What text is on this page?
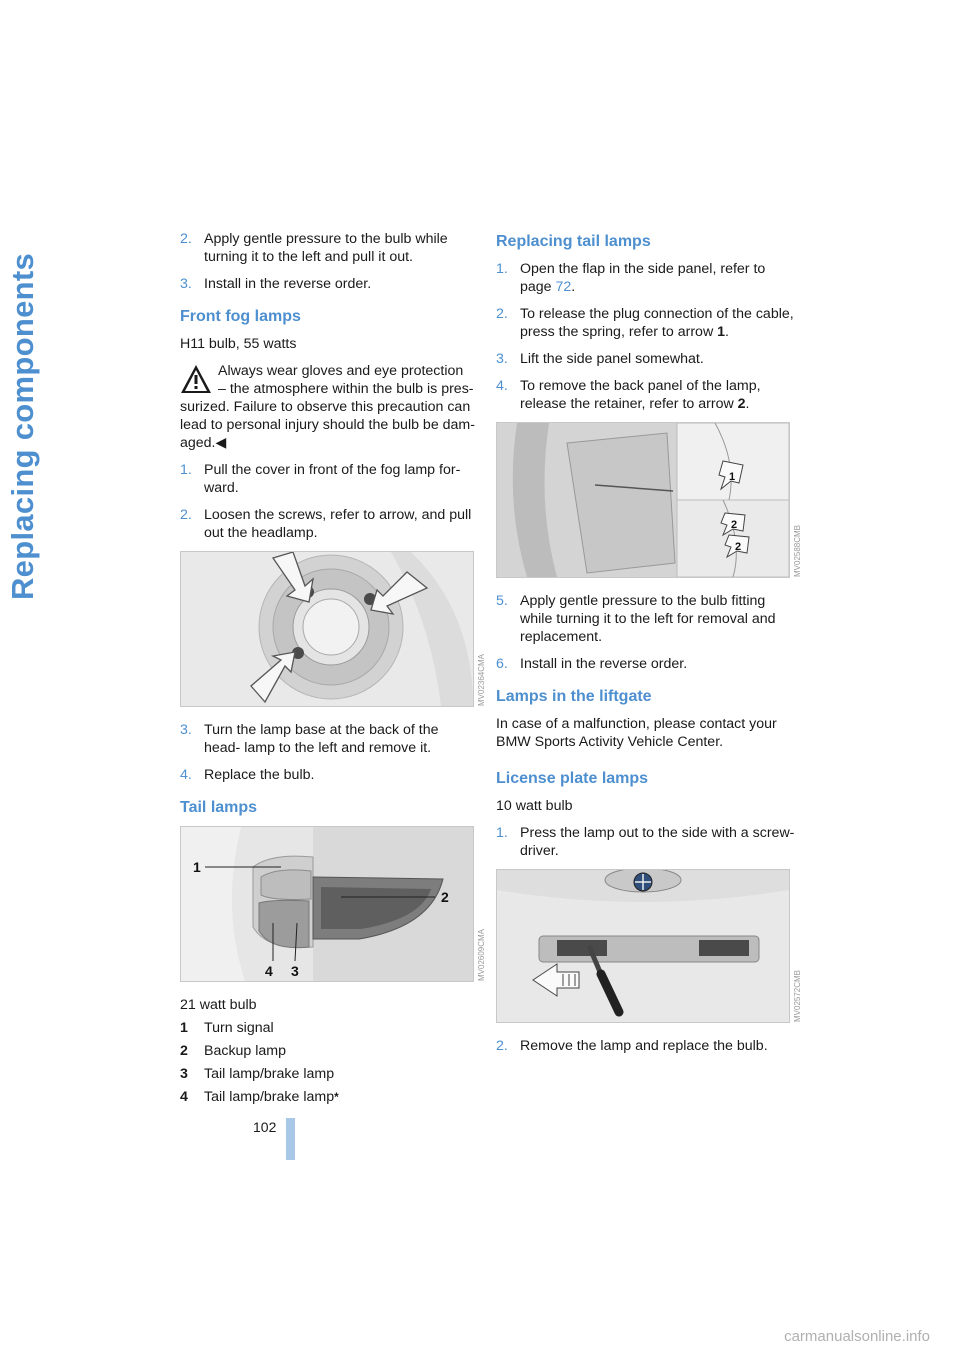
Replacing components
2. Apply gentle pressure to the bulb while turning it to the left and pull it out.
3. Install in the reverse order.
Front fog lamps

H11 bulb, 55 watts

Always wear gloves and eye protection – the atmosphere within the bulb is pres- surized. Failure to observe this precaution can lead to personal injury should the bulb be dam- aged.◀
1. Pull the cover in front of the fog lamp for- ward.
2. Loosen the screws, refer to arrow, and pull out the headlamp.
MV02364CMA
3. Turn the lamp base at the back of the head- lamp to the left and remove it.
4. Replace the bulb.
Tail lamps
1
2
4 3	MV02609CMA

21 watt bulb

1	Turn signal
2	Backup lamp
3	Tail lamp/brake lamp
4	Tail lamp/brake lamp *
Replacing tail lamps
1. Open the flap in the side panel, refer to page 72.
2. To release the plug connection of the cable, press the spring, refer to arrow 1.
3. Lift the side panel somewhat.
4. To remove the back panel of the lamp, release the retainer, refer to arrow 2.
1
2
2	MV02588CMB
5. Apply gentle pressure to the bulb fitting while turning it to the left for removal and replacement.
6. Install in the reverse order.
Lamps in the liftgate

In case of a malfunction, please contact your BMW Sports Activity Vehicle Center.

License plate lamps

10 watt bulb

1. Press the lamp out to the side with a screw- driver.
MV02572CMB
2. Remove the lamp and replace the bulb.
102
carmanualsonline.info
